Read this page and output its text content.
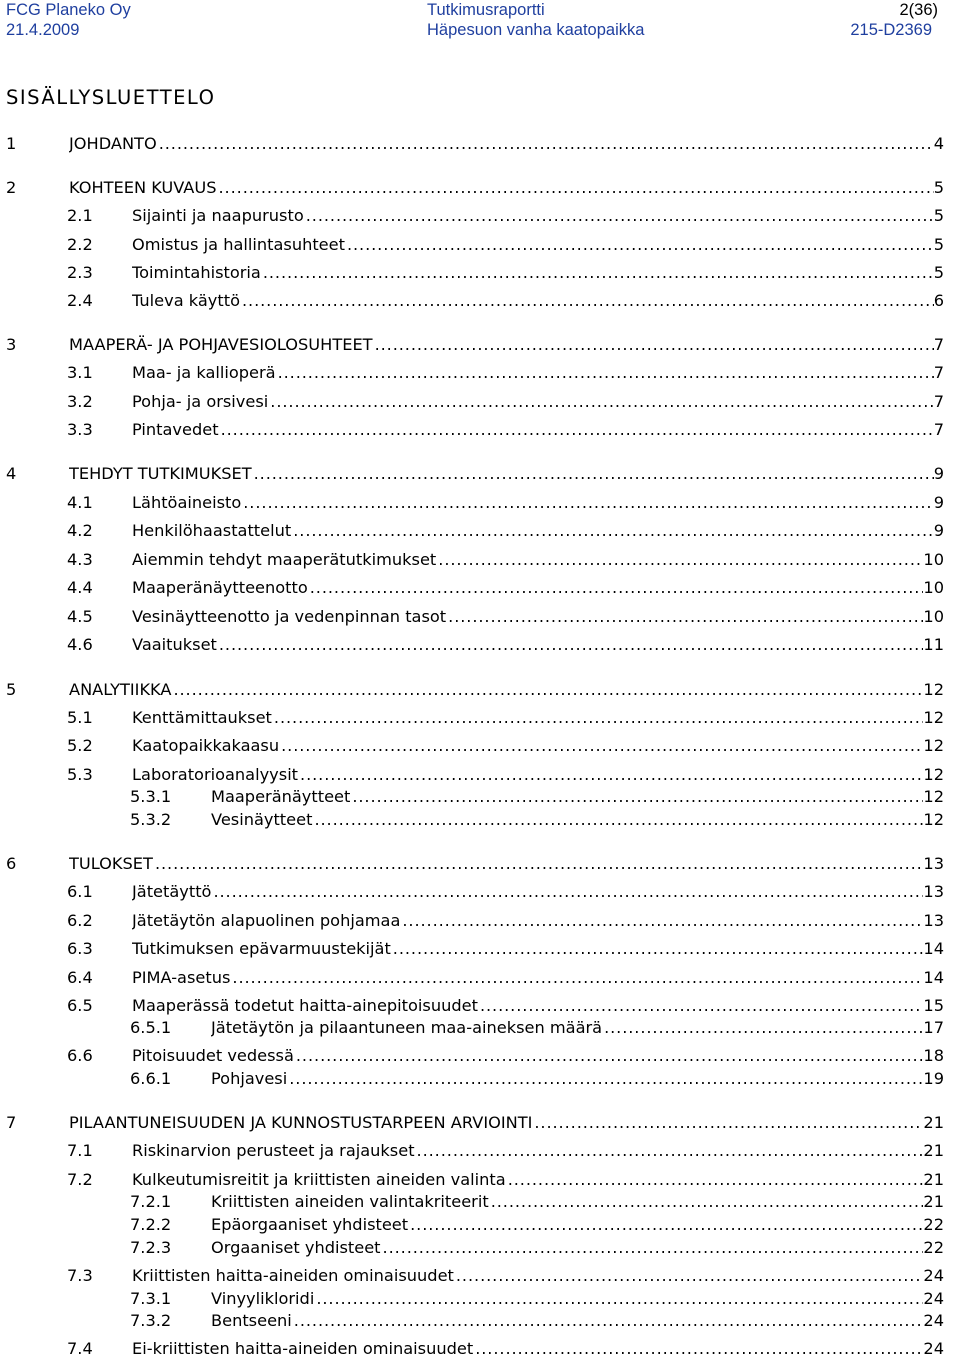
FCG Planeko Oy
21.4.2009
Tutkimusraportti
Häpesuon vanha kaatopaikka
2(36)
215-D2369
SISÄLLYSLUETTELO
1	JOHDANTO .....	4
2	KOHTEEN KUVAUS .....	5
2.1 Sijainti ja naapurusto .....	5
2.2 Omistus ja hallintasuhteet .....	5
2.3 Toimintahistoria .....	5
2.4 Tuleva käyttö .....	6
3	MAAPERÄ- JA POHJAVESIOLOSUHTEET .....	7
3.1 Maa- ja kallioperä .....	7
3.2 Pohja- ja orsivesi .....	7
3.3 Pintavedet .....	7
4	TEHDYT TUTKIMUKSET .....	9
4.1 Lähtöaineisto .....	9
4.2 Henkilöhaastattelut .....	9
4.3 Aiemmin tehdyt maaperätutkimukset .....	10
4.4 Maaperänäytteenotto .....	10
4.5 Vesinäytteenotto ja vedenpinnan tasot .....	10
4.6 Vaaitukset .....	11
5	ANALYTIIKKA .....	12
5.1 Kenttämittaukset .....	12
5.2 Kaatopaikkakaasu .....	12
5.3 Laboratorioanalyysit .....	12
5.3.1 Maaperänäytteet .....	12
5.3.2 Vesinäytteet .....	12
6	TULOKSET .....	13
6.1 Jätetäyttö .....	13
6.2 Jätetäytön alapuolinen pohjamaa .....	13
6.3 Tutkimuksen epävarmuustekijät .....	14
6.4 PIMA-asetus .....	14
6.5 Maaperässä todetut haitta-ainepitoisuudet .....	15
6.5.1 Jätetäytön ja pilaantuneen maa-aineksen määrä .....	17
6.6 Pitoisuudet vedessä .....	18
6.6.1 Pohjavesi .....	19
7	PILAANTUNEISUUDEN JA KUNNOSTUSTARPEEN ARVIOINTI .....	21
7.1 Riskinarvion perusteet ja rajaukset .....	21
7.2 Kulkeutumisreitit ja kriittisten aineiden valinta .....	21
7.2.1 Kriittisten aineiden valintakriteerit .....	21
7.2.2 Epäorgaaniset yhdisteet .....	22
7.2.3 Orgaaniset yhdisteet .....	22
7.3 Kriittisten haitta-aineiden ominaisuudet .....	24
7.3.1 Vinyylikloridi .....	24
7.3.2 Bentseeni .....	24
7.4 Ei-kriittisten haitta-aineiden ominaisuudet .....	24
